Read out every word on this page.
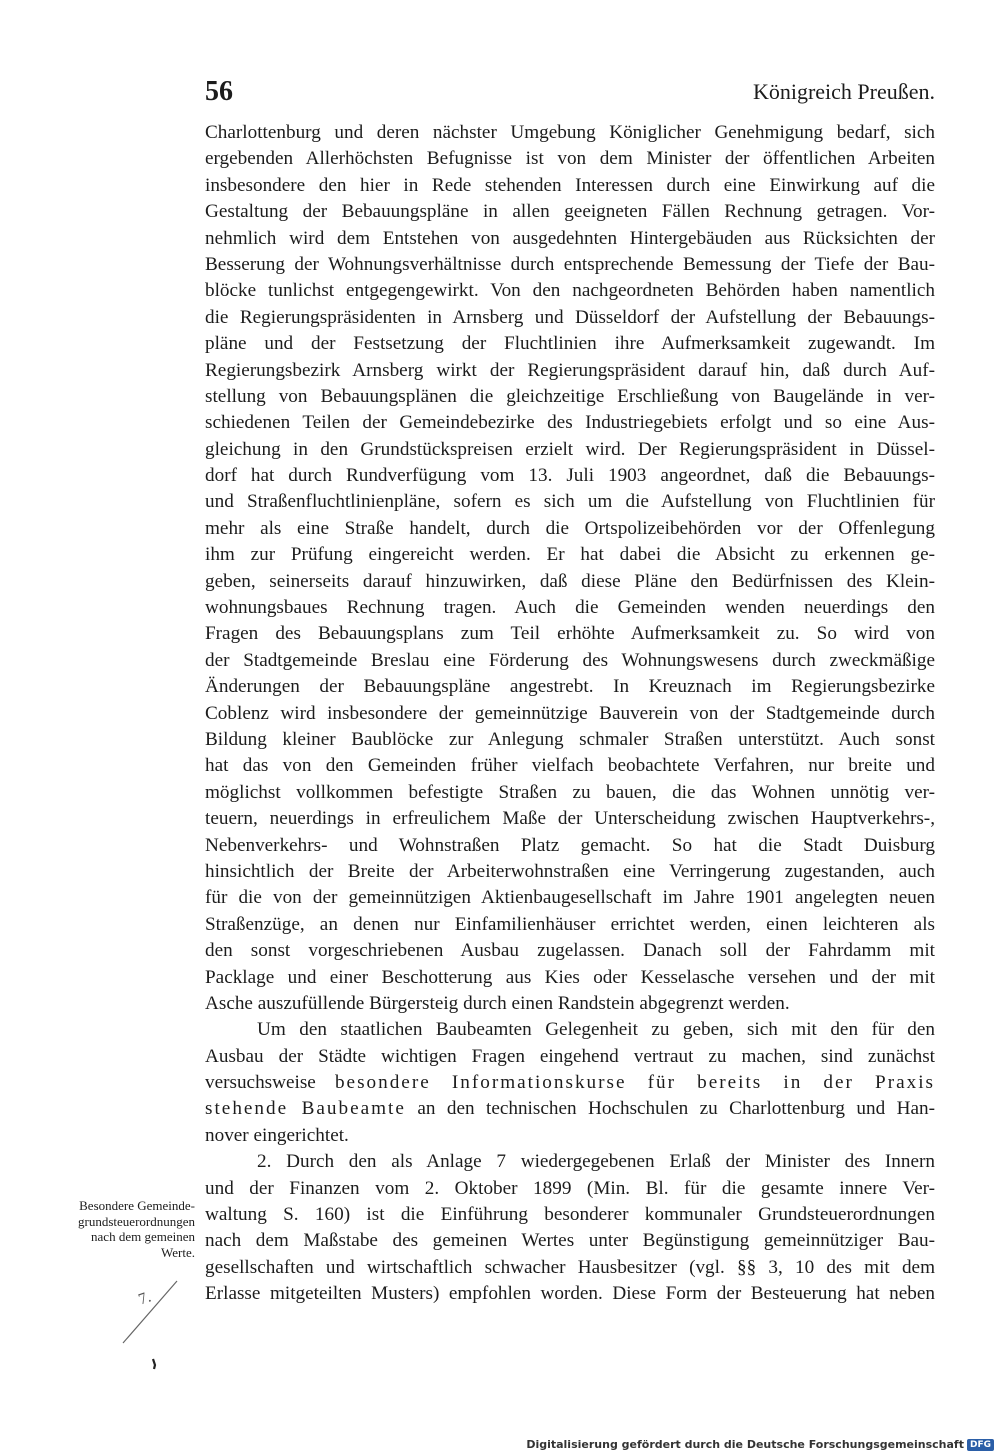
56	Königreich Preußen.
Charlottenburg und deren nächster Umgebung Königlicher Genehmigung bedarf, sich
ergebenden Allerhöchsten Befugnisse ist von dem Minister der öffentlichen Arbeiten
insbesondere den hier in Rede stehenden Interessen durch eine Einwirkung auf die
Gestaltung der Bebauungspläne in allen geeigneten Fällen Rechnung getragen. Vor-
nehmlich wird dem Entstehen von ausgedehnten Hintergebäuden aus Rücksichten der
Besserung der Wohnungsverhältnisse durch entsprechende Bemessung der Tiefe der Bau-
blöcke tunlichst entgegengewirkt. Von den nachgeordneten Behörden haben namentlich
die Regierungspräsidenten in Arnsberg und Düsseldorf der Aufstellung der Bebauungs-
pläne und der Festsetzung der Fluchtlinien ihre Aufmerksamkeit zugewandt. Im
Regierungsbezirk Arnsberg wirkt der Regierungspräsident darauf hin, daß durch Auf-
stellung von Bebauungsplänen die gleichzeitige Erschließung von Baugelände in ver-
schiedenen Teilen der Gemeindebezirke des Industriegebiets erfolgt und so eine Aus-
gleichung in den Grundstückspreisen erzielt wird. Der Regierungspräsident in Düssel-
dorf hat durch Rundverfügung vom 13. Juli 1903 angeordnet, daß die Bebauungs-
und Straßenfluchtlinienpläne, sofern es sich um die Aufstellung von Fluchtlinien für
mehr als eine Straße handelt, durch die Ortspolizeibehörden vor der Offenlegung
ihm zur Prüfung eingereicht werden. Er hat dabei die Absicht zu erkennen ge-
geben, seinerseits darauf hinzuwirken, daß diese Pläne den Bedürfnissen des Klein-
wohnungsbaues Rechnung tragen. Auch die Gemeinden wenden neuerdings den
Fragen des Bebauungsplans zum Teil erhöhte Aufmerksamkeit zu. So wird von
der Stadtgemeinde Breslau eine Förderung des Wohnungswesens durch zweckmäßige
Änderungen der Bebauungspläne angestrebt. In Kreuznach im Regierungsbezirke
Coblenz wird insbesondere der gemeinnützige Bauverein von der Stadtgemeinde durch
Bildung kleiner Baublöcke zur Anlegung schmaler Straßen unterstützt. Auch sonst
hat das von den Gemeinden früher vielfach beobachtete Verfahren, nur breite und
möglichst vollkommen befestigte Straßen zu bauen, die das Wohnen unnötig ver-
teuern, neuerdings in erfreulichem Maße der Unterscheidung zwischen Hauptverkehrs-,
Nebenverkehrs- und Wohnstraßen Platz gemacht. So hat die Stadt Duisburg
hinsichtlich der Breite der Arbeiterwohnstraßen eine Verringerung zugestanden, auch
für die von der gemeinnützigen Aktienbaugesellschaft im Jahre 1901 angelegten neuen
Straßenzüge, an denen nur Einfamilienhäuser errichtet werden, einen leichteren als
den sonst vorgeschriebenen Ausbau zugelassen. Danach soll der Fahrdamm mit
Packlage und einer Beschotterung aus Kies oder Kesselasche versehen und der mit
Asche auszufüllende Bürgersteig durch einen Randstein abgegrenzt werden.
Um den staatlichen Baubeamten Gelegenheit zu geben, sich mit den für den
Ausbau der Städte wichtigen Fragen eingehend vertraut zu machen, sind zunächst
versuchsweise besondere Informationskurse für bereits in der Praxis
stehende Baubeamte an den technischen Hochschulen zu Charlottenburg und Han-
nover eingerichtet.
2. Durch den als Anlage 7 wiedergegebenen Erlaß der Minister des Innern
und der Finanzen vom 2. Oktober 1899 (Min. Bl. für die gesamte innere Ver-
waltung S. 160) ist die Einführung besonderer kommunaler Grundsteuerordnungen
nach dem Maßstabe des gemeinen Wertes unter Begünstigung gemeinnütziger Bau-
gesellschaften und wirtschaftlich schwacher Hausbesitzer (vgl. §§ 3, 10 des mit dem
Erlasse mitgeteilten Musters) empfohlen worden. Diese Form der Besteuerung hat neben
Besondere Gemeinde-
grundsteuerordnungen
nach dem gemeinen
Werte.
7.
Digitalisierung gefördert durch die Deutsche Forschungsgemeinschaft DFG
